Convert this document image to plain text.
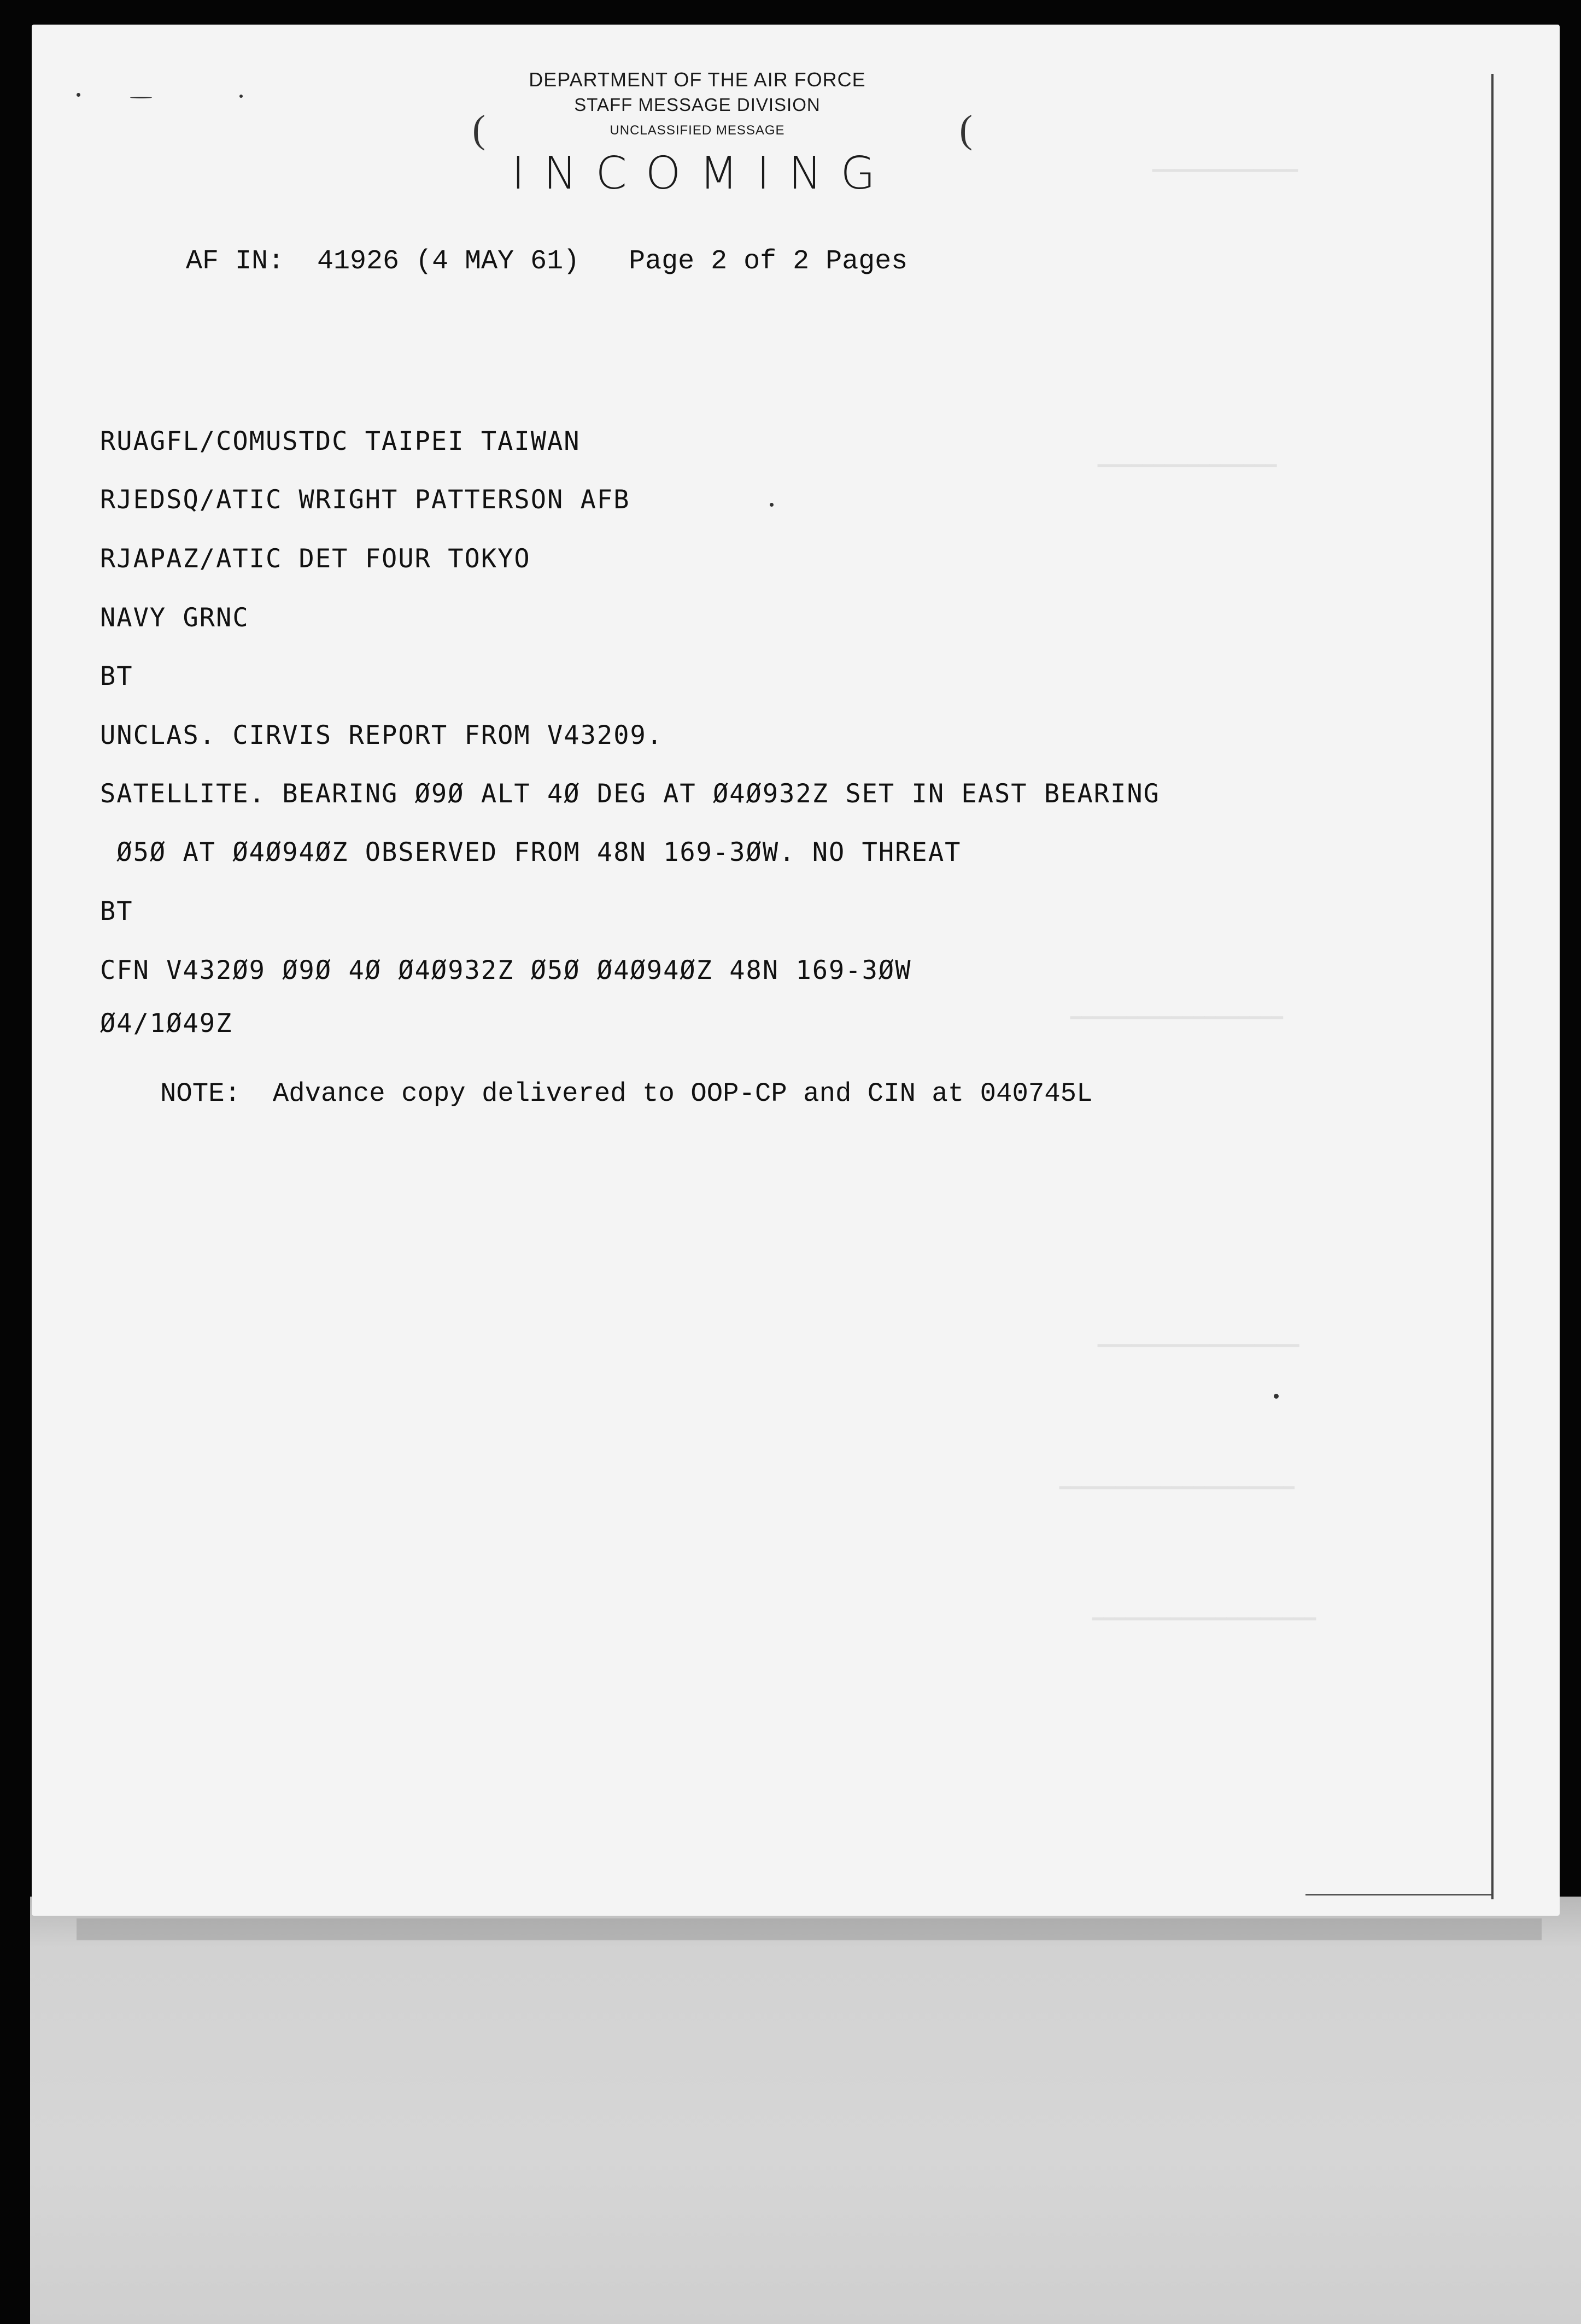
▁▁▁▁▁▁▁▁▁▁▁▁▁
▁▁▁▁▁▁▁▁▁▁▁▁▁▁▁▁
▁▁▁▁▁▁▁▁▁▁▁▁▁▁▁▁▁▁▁
▁▁▁▁▁▁▁▁▁▁▁▁▁▁▁▁▁▁
▁▁▁▁▁▁▁▁▁▁▁▁▁▁▁▁▁▁▁▁▁
▁▁▁▁▁▁▁▁▁▁▁▁▁▁▁▁▁▁▁▁
DEPARTMENT OF THE AIR FORCE
STAFF MESSAGE DIVISION
UNCLASSIFIED MESSAGE
INCOMING
(	(
AF IN:  41926 (4 MAY 61)   Page 2 of 2 Pages
RUAGFL/COMUSTDC TAIPEI TAIWAN
RJEDSQ/ATIC WRIGHT PATTERSON AFB
RJAPAZ/ATIC DET FOUR TOKYO
NAVY GRNC
BT
UNCLAS. CIRVIS REPORT FROM V43209.
SATELLITE. BEARING Ø9Ø ALT 4Ø DEG AT Ø4Ø932Z SET IN EAST BEARING
Ø5Ø AT Ø4Ø94ØZ OBSERVED FROM 48N 169-3ØW. NO THREAT
BT
CFN V432Ø9 Ø9Ø 4Ø Ø4Ø932Z Ø5Ø Ø4Ø94ØZ 48N 169-3ØW
Ø4/1Ø49Z
NOTE:  Advance copy delivered to OOP-CP and CIN at 040745L
